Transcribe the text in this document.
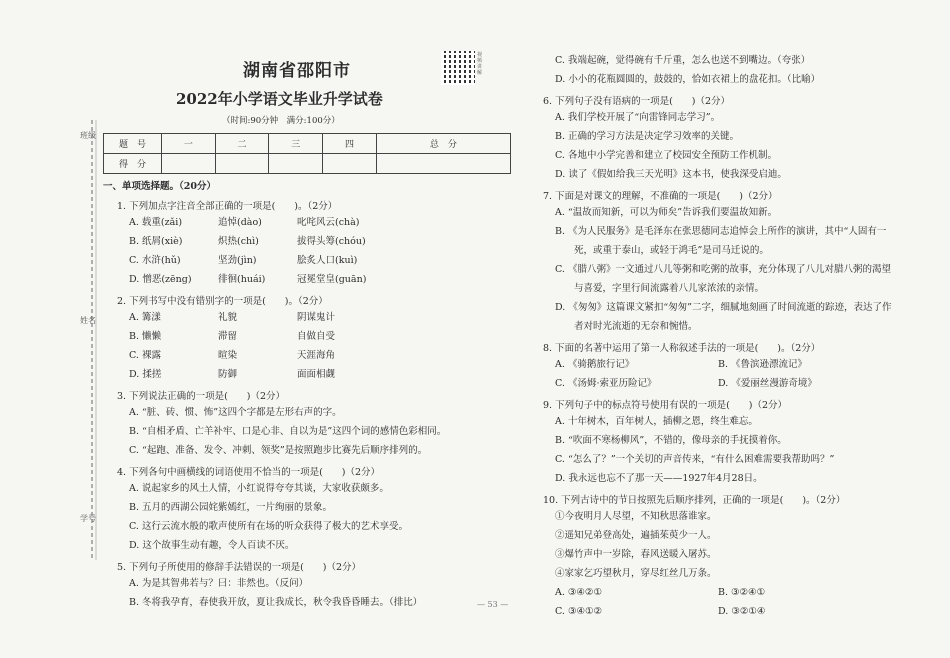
班级
姓名
学号
湖南省邵阳市
2022年小学语文毕业升学试卷
（时间:90分钟　满分:100分）
视频讲解
题　号	一	二	三	四	总　分
得　分					
一、单项选择题。（20分）
1. 下列加点字注音全部正确的一项是(　　)。（2分）
A. 载重(zǎi)	追悼(dào)	叱咤风云(chà)
B. 纸屑(xiè)	炽热(chì)	拔得头筹(chóu)
C. 水浒(hǔ)	坚劲(jìn)	脍炙人口(kuì)
D. 憎恶(zēng)	徘徊(huái)	冠冕堂皇(guān)
2. 下列书写中没有错别字的一项是(　　)。（2分）
A. 篝漾	礼貌	阴谋鬼计
B. 懒懒	滞留	自做自受
C. 裸露	暄染	天涯海角
D. 揉搓	防御	面面相觑
3. 下列说法正确的一项是(　　)（2分）
A. “脏、砖、惯、怖”这四个字都是左形右声的字。
B. “自相矛盾、亡羊补牢、口是心非、自以为是”这四个词的感情色彩相同。
C. “起跑、准备、发令、冲刺、领奖”是按照跑步比赛先后顺序排列的。
4. 下列各句中画横线的词语使用不恰当的一项是(　　)（2分）
A. 说起家乡的风土人情，小红说得夸夸其谈，大家收获颇多。
B. 五月的西湖公园姹紫嫣红，一片绚丽的景象。
C. 这行云流水般的歌声使所有在场的听众获得了极大的艺术享受。
D. 这个故事生动有趣，令人百读不厌。
5. 下列句子所使用的修辞手法错误的一项是(　　)（2分）
A. 为是其智弗若与？曰：非然也。（反问）
B. 冬将我孕育，春使我开放，夏让我成长，秋令我昏昏睡去。（排比）
C. 我端起碗，觉得碗有千斤重，怎么也送不到嘴边。（夸张）
D. 小小的花瓶圆圆的，鼓鼓的，恰如衣裙上的盘花扣。（比喻）
6. 下列句子没有语病的一项是(　　)（2分）
A. 我们学校开展了“向雷锋同志学习”。
B. 正确的学习方法是决定学习效率的关键。
C. 各地中小学完善和建立了校园安全预防工作机制。
D. 读了《假如给我三天光明》这本书，使我深受启迪。
7. 下面是对课文的理解，不准确的一项是(　　)（2分）
A. “温故而知新，可以为师矣”告诉我们要温故知新。
B. 《为人民服务》是毛泽东在张思德同志追悼会上所作的演讲，其中“人固有一
　　死，或重于泰山，或轻于鸿毛”是司马迁说的。
C. 《腊八粥》一文通过八儿等粥和吃粥的故事，充分体现了八儿对腊八粥的渴望
　　与喜爱，字里行间流露着八儿家浓浓的亲情。
D. 《匆匆》这篇课文紧扣“匆匆”二字，细腻地刻画了时间流逝的踪迹，表达了作
　　者对时光流逝的无奈和惋惜。
8. 下面的名著中运用了第一人称叙述手法的一项是(　　)。（2分）
A. 《骑鹅旅行记》	B. 《鲁滨逊漂流记》
C. 《汤姆·索亚历险记》	D. 《爱丽丝漫游奇境》
9. 下列句子中的标点符号使用有误的一项是(　　)（2分）
A. 十年树木，百年树人，插柳之恩，终生难忘。
B. “吹面不寒杨柳风”，不错的，像母亲的手抚摸着你。
C. “怎么了？”一个关切的声音传来，“有什么困难需要我帮助吗？”
D. 我永远也忘不了那一天——1927年4月28日。
10. 下列古诗中的节日按照先后顺序排列，正确的一项是(　　)。（2分）
①今夜明月人尽望，不知秋思落谁家。
②遥知兄弟登高处，遍插茱萸少一人。
③爆竹声中一岁除，春风送暖入屠苏。
④家家乞巧望秋月，穿尽红丝几万条。
A. ③④②①	B. ③②④①
C. ③④①②	D. ③②①④
— 53 —
